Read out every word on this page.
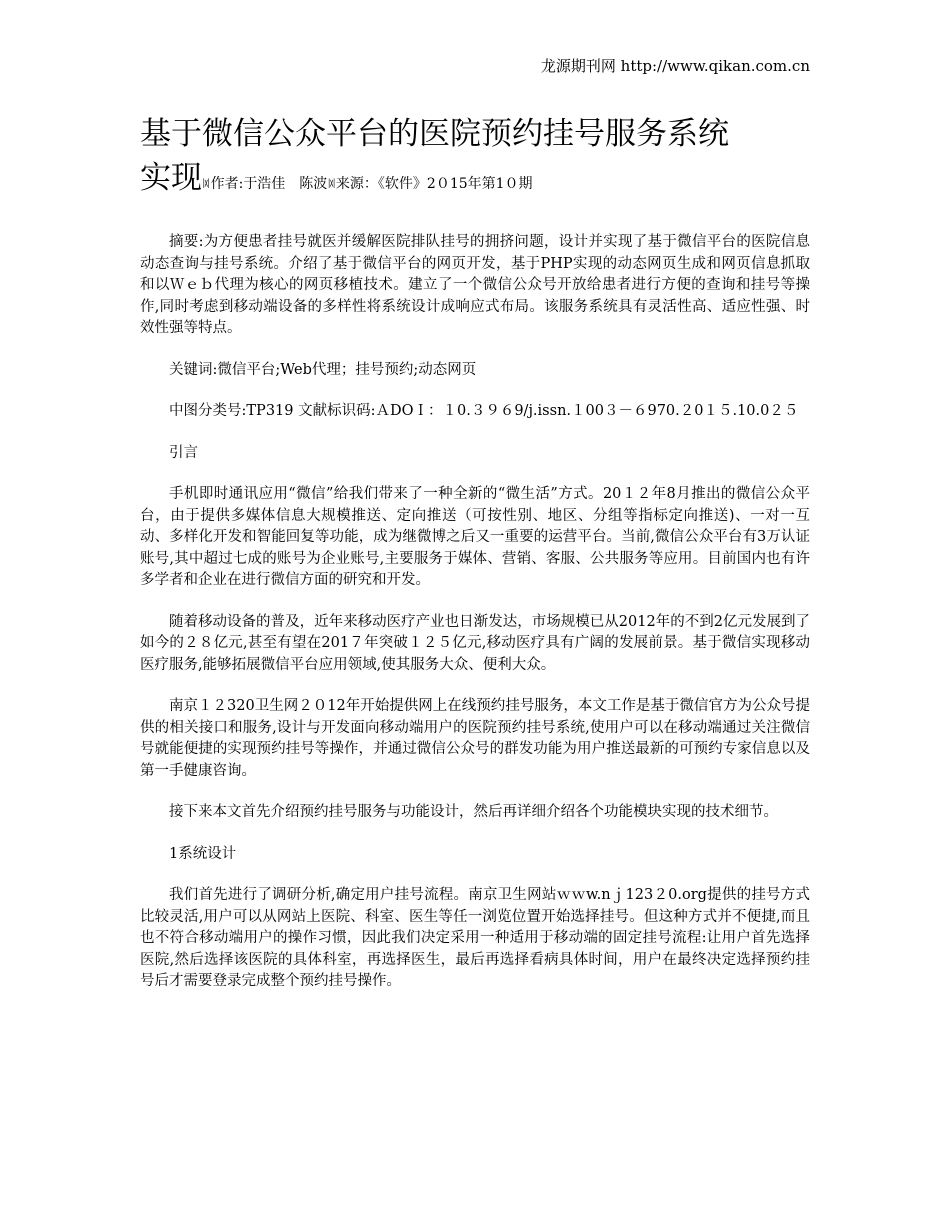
龙源期刊网 http://www.qikan.com.cn
基于微信公众平台的医院预约挂号服务系统
实现ꂀ作者:于浩佳　陈波ꂀ来源：《软件》2０15年第1０期

摘要:为方便患者挂号就医并缓解医院排队挂号的拥挤问题，设计并实现了基于微信平台的医院信息动态查询与挂号系统。介绍了基于微信平台的网页开发，基于PHP实现的动态网页生成和网页信息抓取和以Ｗｅｂ代理为核心的网页移植技术。建立了一个微信公众号开放给患者进行方便的查询和挂号等操作,同时考虑到移动端设备的多样性将系统设计成响应式布局。该服务系统具有灵活性高、适应性强、时效性强等特点。

关键词:微信平台;Web代理；挂号预约;动态网页

中图分类号:TP319 文献标识码:ＡDOＩ：１0.３９６9/j.issn.１00３－６970.２0１５.10.0２５

引言

手机即时通讯应用“微信”给我们带来了一种全新的“微生活”方式。20１２年8月推出的微信公众平台，由于提供多媒体信息大规模推送、定向推送（可按性别、地区、分组等指标定向推送)、一对一互动、多样化开发和智能回复等功能，成为继微博之后又一重要的运营平台。当前,微信公众平台有3万认证账号,其中超过七成的账号为企业账号,主要服务于媒体、营销、客服、公共服务等应用。目前国内也有许多学者和企业在进行微信方面的研究和开发。

随着移动设备的普及，近年来移动医疗产业也日渐发达，市场规模已从2012年的不到2亿元发展到了如今的２８亿元,甚至有望在201７年突破１２５亿元,移动医疗具有广阔的发展前景。基于微信实现移动医疗服务,能够拓展微信平台应用领域,使其服务大众、便利大众。

南京１２320卫生网２０12年开始提供网上在线预约挂号服务，本文工作是基于微信官方为公众号提供的相关接口和服务,设计与开发面向移动端用户的医院预约挂号系统,使用户可以在移动端通过关注微信号就能便捷的实现预约挂号等操作，并通过微信公众号的群发功能为用户推送最新的可预约专家信息以及第一手健康咨询。

接下来本文首先介绍预约挂号服务与功能设计，然后再详细介绍各个功能模块实现的技术细节。

1系统设计

我们首先进行了调研分析,确定用户挂号流程。南京卫生网站ｗｗw.nｊ123２0.org提供的挂号方式比较灵活,用户可以从网站上医院、科室、医生等任一浏览位置开始选择挂号。但这种方式并不便捷,而且也不符合移动端用户的操作习惯，因此我们决定采用一种适用于移动端的固定挂号流程:让用户首先选择医院,然后选择该医院的具体科室，再选择医生，最后再选择看病具体时间，用户在最终决定选择预约挂号后才需要登录完成整个预约挂号操作。
